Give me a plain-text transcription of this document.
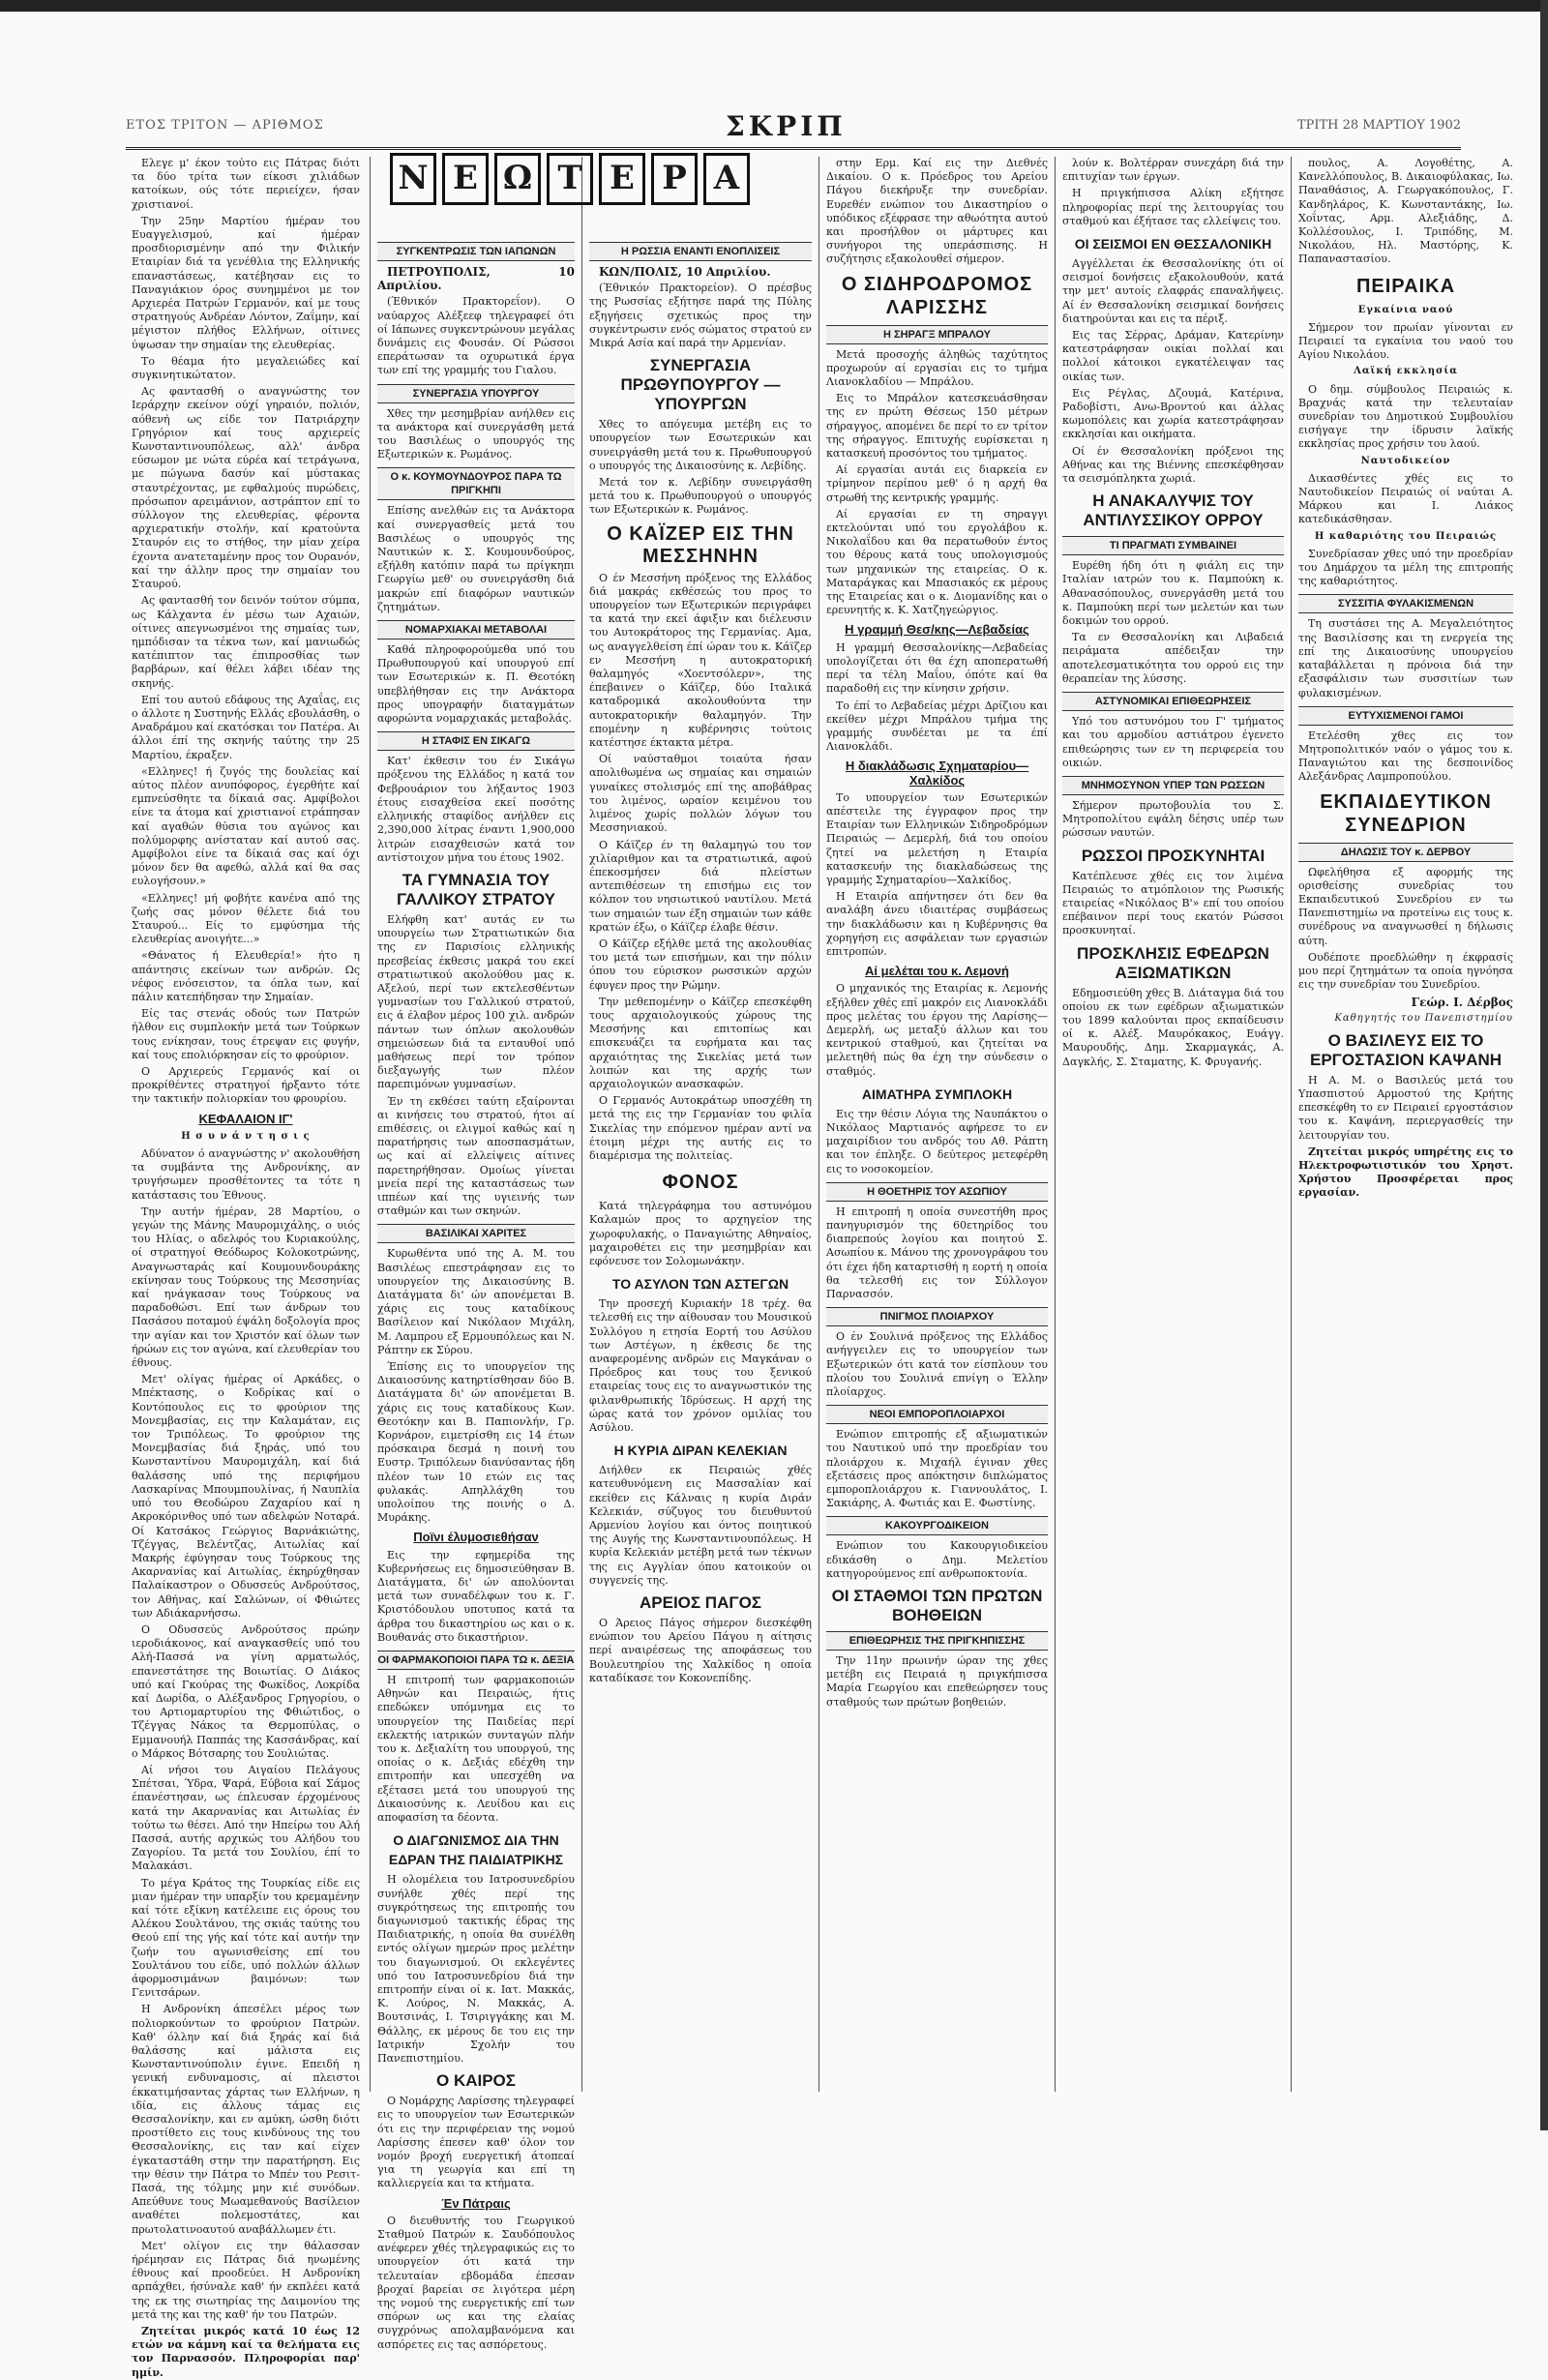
ΕΤΟΣ ΤΡΙΤΟΝ — ΑΡΙΘΜΟΣ	ΣΚΡΙΠ	ΤΡΙΤΗ 28 ΜΑΡΤΙΟΥ 1902

Ελεγε μ' έκον τούτο εις Πάτρας διότι τα δύο τρίτα των είκοσι χιλιάδων κατοίκων, ούς τότε περιείχεν, ήσαν χριστιανοί.

Την 25ην Μαρτίου ήμέραν του Ευαγγελισμού, καί ήμέραν προσδιορισμένην από την Φιλικήν Εταιρίαν διά τα γενέθλια της Ελληνικής επαναστάσεως, κατέβησαν εις το Παναγιάκιον όρος συνημμένοι με τον Αρχιερέα Πατρών Γερμανόν, καί με τους στρατηγούς Ανδρέαν Λόντον, Ζαΐμην, καί μέγιστον πλήθος Ελλήνων, οίτινες ύψωσαν την σημαίαν της ελευθερίας.

Το θέαμα ήτο μεγαλειώδες καί συγκινητικώτατον.

Ας φαντασθή ο αναγνώστης τον Ιεράρχην εκείνον ούχί γηραιόν, πολιόν, αόθενή ως είδε τον Πατριάρχην Γρηγόριον καί τους αρχιερείς Κωνσταντινουπόλεως, αλλ' άνδρα εύσωμον με νώτα εύρέα καί τετράγωνα, με πώγωνα δασύν καί μύστακας σταυτρέχοντας, με εφθαλμούς πυρώδεις, πρόσωπον αρειμάνιον, αστράπτον επί το σύλλογον της ελευθερίας, φέροντα αρχιερατικήν στολήν, καί κρατούντα Σταυρόν εις το στήθος, την μίαν χείρα έχοντα ανατεταμένην προς τον Ουρανόν, καί την άλλην προς την σημαίαν του Σταυρού.

Ας φαντασθή τον δεινόν τούτον σύμπα, ως Κάλχαντα έν μέσω των Αχαιών, οίτινες απεγνωσμένοι της σημαίας των, ημπόδισαν τα τέκνα των, καί μανιωδώς κατέπιπτον τας έπιπροσθίας των βαρβάρων, καί θέλει λάβει ιδέαν της σκηνής.

Επί του αυτού εδάφους της Αχαΐας, εις ο άλλοτε η Συστηνής Ελλάς εβουλάσθη, ο Αναδράμου καί εκατόσκαι τον Πατέρα. Αι άλλοι έπί της σκηνής ταύτης την 25 Μαρτίου, έκραξεν.

«Ελληνες! ή ζυγός της δουλείας καί αύτος πλέον ανυπόφορος, έγερθήτε καί εμπνεύσθητε τα δίκαιά σας. Αμφίβολοι είνε τα άτομα καί χριστιανοί ετράπησαν καί αγαθών θύσια του αγώνος και πολύμορφης ανίσταταν καί αυτού σας. Αμφίβολοι είνε τα δίκαιά σας καί όχι μόνον δεν θα αφεθώ, αλλά καί θα σας ευλογήσουν.»

«Ελληνες! μή φοβήτε κανένα από της ζωής σας μόνον θέλετε διά του Σταυρού... Είς το εμφύσημα τής ελευθερίας ανοιγήτε...»

«Θάνατος ή Ελευθερία!» ήτο η απάντησις εκείνων των ανδρών. Ως νέφος ενόσειστον, τα όπλα των, καί πάλιν κατεπήδησαν την Σημαίαν.

Είς τας στενάς οδούς των Πατρών ήλθον εις συμπλοκήν μετά των Τούρκων τους ενίκησαν, τους έτρεψαν εις φυγήν, καί τους επολιόρκησαν είς το φρούριον.

Ο Αρχιερεύς Γερμανός καί οι προκρίθέντες στρατηγοί ήρξαντο τότε την τακτικήν πολιορκίαν του φρουρίου.

ΚΕΦΑΛΑΙΟΝ ΙΓ'
Η σ υ ν ά ν τ η σ ι ς

Αδύνατον ό αναγνώστης ν' ακολουθήση τα συμβάντα της Ανδρονίκης, αν τρυγήσωμεν προσθέτοντες τα τότε η κατάστασις του Έθνους.

Την αυτήν ήμέραν, 28 Μαρτίου, ο γεγών της Μάνης Μαυρομιχάλης, ο υιός του Ηλίας, ο αδελφός του Κυριακούλης, οί στρατηγοί Θεόδωρος Κολοκοτρώνης, Αναγνωσταράς καί Κουμουνδουράκης εκίνησαν τους Τούρκους της Μεσσηνίας καί ηνάγκασαν τους Τούρκους να παραδοθώσι. Επί των άνδρων του Πασάσου ποταμού έψάλη δοξολογία προς την αγίαν και τον Χριστόν καί όλων των ήρώων εις τον αγώνα, καί ελευθερίαν του έθνους.

Μετ' ολίγας ήμέρας οί Αρκάδες, ο Μπέκτασης, ο Κοδρίκας καί ο Κοντόπουλος εις το φρούριον της Μονεμβασίας, εις την Καλαμάταν, εις τον Τριπόλεως. Το φρούριον της Μονεμβασίας διά ξηράς, υπό του Κωνσταντίνου Μαυρομιχάλη, καί διά θαλάσσης υπό της περιφήμου Λασκαρίνας Μπουμπουλίνας, ή Ναυπλία υπό του Θεοδώρου Ζαχαρίου καί η Ακροκόρινθος υπό των αδελφών Νοταρά. Οί Κατσάκος Γεώργιος Βαρνάκιώτης, Τζέγγας, Βελέντζας, Αιτωλίας καί Μακρής έφύγησαν τους Τούρκους της Ακαρνανίας καί Αιτωλίας, έκηρύχθησαν Παλαίκαστρον ο Οδυσσεύς Ανδρούτσος, τον Αθήνας, καί Σαλώνων, οί Φθιώτες των Αδιάκαρνήσσω.

Ο Οδυσσεύς Ανδρούτσος πρώην ιεροδιάκονος, καί αναγκασθείς υπό του Αλή-Πασσά να γίνη αρματωλός, επανεστάτησε της Βοιωτίας. Ο Διάκος υπό καί Γκούρας της Φωκίδος, Λοκρίδα καί Δωρίδα, ο Αλέξανδρος Γρηγορίου, ο του Αρτιομαρτυρίου της Φθιώτιδος, ο Τζέγγας Νάκος τα Θερμοπύλας, ο Εμμανουήλ Παππάς της Κασσάνδρας, καί ο Μάρκος Βότσαρης του Σουλιώτας.

Αί νήσοι του Αιγαίου Πελάγους Σπέτσαι, Ύδρα, Ψαρά, Εύβοια καί Σάμος έπανέστησαν, ως έπλευσαν έρχομένους κατά την Ακαρνανίας και Αιτωλίας έν τούτω τω θέσει. Από την Ηπείρω του Αλή Πασσά, αυτής αρχικώς του Αλήδου του Ζαγορίου. Τα μετά του Σουλίου, έπί το Μαλακάσι.

Το μέγα Κράτος της Τουρκίας είδε εις μιαν ήμέραν την υπαρξίν του κρεμαμένην καί τότε εξίκνη κατέλειπε εις όρους του Αλέκου Σουλτάνου, της σκιάς ταύτης του Θεού επί της γής καί τότε καί αυτήν την ζωήν του αγωνισθείσης επί του Σουλτάνου του είδε, υπό πολλών άλλων άφορμοσιμάνων βαιμόνων: των Γενιτσάρων.

Η Ανδρονίκη άπεσέλει μέρος των πολιορκούντων το φρούριον Πατρών. Καθ' όλλην καί διά ξηράς καί διά θαλάσσης καί μάλιστα εις Κωνσταντινούπολιν έγινε. Επειδή η γενική ενδυναμοσις, αί πλειστοι έκκατιμήσαντας χάρτας των Ελλήνων, η ιδία, εις άλλους τάμας εις Θεσσαλονίκην, και εν αμύκη, ώσθη διότι προστίθετο εις τους κινδύνους της του Θεσσαλονίκης, εις ταν καί είχεν έγκαταστάθη στην την παρατήρηση. Εις την θέσιν την Πάτρα το Μπέν του Ρεσιτ-Πασά, της τόλμης μην κιέ συνόδων. Απεύθυνε τους Μωαμεθανούς Βασίλειον αναθέτει πολεμοστάτες, και πρωτολατινοαυτού αναβάλλωμεν έτι.

Μετ' ολίγον εις την θάλασσαν ήρέμησαν εις Πάτρας διά ηνωμένης έθνους καί προοδεύει. Η Ανδρονίκη αρπάχθει, ήσύναλε καθ' ήν εκπλέει κατά της εκ της σιωτηρίας της Δαιμονίου της μετά της και της καθ' ήν του Πατρών.

Ζητείται μικρός κατά 10 έως 12 ετών να κάμνη καί τα θελήματα εις τον Παρνασσόν. Πληροφορίαι παρ' ημίν.

Ν Ε Ω Τ Ε Ρ Α
ΣΥΓΚΕΝΤΡΩΣΙΣ ΤΩΝ ΙΑΠΩΝΩΝ

ΠΕΤΡΟΥΠΟΛΙΣ, 10 Απριλίου.

(Έθνικόν Πρακτορεΐον). Ο ναύαρχος Αλέξεεφ τηλεγραφεί ότι οί Ιάπωνες συγκεντρώνουν μεγάλας δυνάμεις εις Φουσάν. Οί Ρώσσοι επεράτωσαν τα οχυρωτικά έργα των επί της γραμμής του Γιαλου.

ΣΥΝΕΡΓΑΣΙΑ ΥΠΟΥΡΓΟΥ

Χθες την μεσημβρίαν ανήλθεν εις τα ανάκτορα καί συνεργάσθη μετά του Βασιλέως ο υπουργός της Εξωτερικών κ. Ρωμάνος.

Ο κ. ΚΟΥΜΟΥΝΔΟΥΡΟΣ ΠΑΡΑ ΤΩ ΠΡΙΓΚΗΠΙ

Επίσης ανελθών εις τα Ανάκτορα καί συνεργασθείς μετά του Βασιλέως ο υπουργός της Ναυτικών κ. Σ. Κουμουνδούρος, εξήλθη κατόπιν παρά τω πρίγκηπι Γεωργίω μεθ' ου συνειργάσθη διά μακρών επί διαφόρων ναυτικών ζητημάτων.

ΝΟΜΑΡΧΙΑΚΑΙ ΜΕΤΑΒΟΛΑΙ

Καθά πληροφορούμεθα υπό του Πρωθυπουργού καί υπουργού επί των Εσωτερικών κ. Π. Θεοτόκη υπεβλήθησαν εις την Ανάκτορα προς υπογραφήν διαταγμάτων αφορώντα νομαρχιακάς μεταβολάς.

Η ΣΤΑΦΙΣ ΕΝ ΣΙΚΑΓΩ

Κατ' έκθεσιν του έν Σικάγω πρόξενου της Ελλάδος η κατά τον Φεβρουάριον του λήξαντος 1903 έτους εισαχθείσα εκεί ποσότης ελληνικής σταφίδος ανήλθεν εις 2,390,000 λίτρας έναντι 1,900,000 λιτρών εισαχθεισών κατά τον αντίστοιχον μήνα του έτους 1902.

ΤΑ ΓΥΜΝΑΣΙΑ ΤΟΥ ΓΑΛΛΙΚΟΥ ΣΤΡΑΤΟΥ

Ελήφθη κατ' αυτάς εν τω υπουργείω των Στρατιωτικών δια της εν Παρισίοις ελληνικής πρεσβείας έκθεσις μακρά του εκεί στρατιωτικού ακολούθου μας κ. Αξελού, περί των εκτελεσθέντων γυμνασίων του Γαλλικού στρατού, εις ά έλαβον μέρος 100 χιλ. ανδρών πάντων των όπλων ακολουθών σημειώσεων διά τα ενταυθοί υπό μαθήσεως περί τον τρόπον διεξαγωγής των πλέον παρεπιμόνων γυμνασίων.

Έν τη εκθέσει ταύτη εξαίρονται αι κινήσεις του στρατού, ήτοι αί επιθέσεις, οι ελιγμοί καθώς καί η παρατήρησις των αποσπασμάτων, ως καί αί ελλείψεις αίτινες παρετηρήθησαν. Ομοίως γίνεται μνεία περί της καταστάσεως των ιππέων καί της υγιεινής των σταθμών και των σκηνών.

ΒΑΣΙΛΙΚΑΙ ΧΑΡΙΤΕΣ

Κυρωθέντα υπό της Α. Μ. του Βασιλέως επεστράφησαν εις το υπουργείον της Δικαιοσύνης Β. Διατάγματα δι' ών απονέμεται Β. χάρις εις τους καταδίκους Βασίλειον καί Νικόλαον Μιχάλη, Μ. Λαμπρου εξ Ερμουπόλεως και Ν. Ράπτην εκ Σύρου.

Έπίσης εις το υπουργείον της Δικαιοσύνης κατηρτίσθησαν δύο Β. Διατάγματα δι' ών απονέμεται Β. χάρις εις τους καταδίκους Κων. Θεοτόκην και Β. Παπιονλήν, Γρ. Κορνάρον, ειμετρίσθη εις 14 έτων πρόσκαιρα δεσμά η ποινή του Ευστρ. Τριπόλεων διανύσαντας ήδη πλέον των 10 ετών εις τας φυλακάς. Απηλλάχθη του υπολοίπου της ποινής ο Δ. Μυράκης.

Ποϊνι έλυμοσιεθήσαν

Εις την εφημερίδα της Κυβερνήσεως εις δημοσιεύθησαν Β. Διατάγματα, δι' ών απολύονται μετά των συναδέλφων του κ. Γ. Κριστόδουλου υποτυπος κατά τα άρθρα του δικαστηρίου ως και ο κ. Βουθανάς στο δικαστήριον.

ΟΙ ΦΑΡΜΑΚΟΠΟΙΟΙ ΠΑΡΑ ΤΩ κ. ΔΕΞΙΑ

Η επιτροπή των φαρμακοποιών Αθηνών και Πειραιώς, ήτις επεδώκεν υπόμνημα εις το υπουργείον της Παιδείας περί εκλεκτής ιατρικών συνταγών πλήν του κ. Δεξιαλίτη του υπουργού, της οποίας ο κ. Δεξιάς εδέχθη την επιτροπήν και υπεσχέθη να εξέτασει μετά του υπουργού της Δικαιοσύνης κ. Λευίδου και εις αποφασίση τα δέοντα.

Ο ΔΙΑΓΩΝΙΣΜΟΣ ΔΙΑ ΤΗΝ ΕΔΡΑΝ ΤΗΣ ΠΑΙΔΙΑΤΡΙΚΗΣ

Η ολομέλεια του Ιατροσυνεδρίου συνήλθε χθές περί της συγκρότησεως της επιτροπής του διαγωνισμού τακτικής έδρας της Παιδιατρικής, η οποία θα συνέλθη εντός ολίγων ημερών προς μελέτην του διαγωνισμού. Οι εκλεγέντες υπό του Ιατροσυνεδρίου διά την επιτροπήν είναι οί κ. Ιατ. Μακκάς, Κ. Λούρος, Ν. Μακκάς, Α. Βουτσινάς, Ι. Τσιριγγάκης και Μ. Θάλλης, εκ μέρους δε του εις την Ιατρικήν Σχολήν του Πανεπιστημίου.

Ο ΚΑΙΡΟΣ

Ο Νομάρχης Λαρίσσης τηλεγραφεί εις το υπουργείον των Εσωτερικών ότι εις την περιφέρειαν της νομού Λαρίσσης έπεσεν καθ' όλον τον νομόν βροχή ευεργετική άτοπεαί για τη γεωργία και επί τη καλλιεργεία και τα κτήματα.

Έν Πάτραις

Ο διευθυντής του Γεωργικού Σταθμού Πατρών κ. Σαυδόπουλος ανέφερεν χθές τηλεγραφικώς εις το υπουργείον ότι κατά την τελευταίαν εβδομάδα έπεσαν βροχαί βαρείαι σε λιγότερα μέρη της νομού της ευεργετικής επί των σπόρων ως και της ελαίας συγχρόνως απολαμβανόμενα και ασπόρετες εις τας ασπόρετους.

Η ΡΩΣΣΙΑ ΕΝΑΝΤΙ ΕΝΟΠΛΙΣΕΙΣ

ΚΩΝ/ΠΟΛΙΣ, 10 Απριλίου.

(Έθνικόν Πρακτορείον). Ο πρέσβυς της Ρωσσίας εξήτησε παρά της Πύλης εξηγήσεις σχετικώς προς την συγκέντρωσιν ενός σώματος στρατού εν Μικρά Ασία καί παρά την Αρμενίαν.

ΣΥΝΕΡΓΑΣΙΑ ΠΡΩΘΥΠΟΥΡΓΟΥ — ΥΠΟΥΡΓΩΝ

Χθες το απόγευμα μετέβη εις το υπουργείον των Εσωτερικών και συνειργάσθη μετά του κ. Πρωθυπουργού ο υπουργός της Δικαιοσύνης κ. Λεβίδης.

Μετά τον κ. Λεβίδην συνειργάσθη μετά του κ. Πρωθυπουργού ο υπουργός των Εξωτερικών κ. Ρωμάνος.

Ο ΚΑΪΖΕΡ ΕΙΣ ΤΗΝ ΜΕΣΣΗΝΗΝ

Ο έν Μεσσήνη πρόξενος της Ελλάδος διά μακράς εκθέσεώς του προς το υπουργείον των Εξωτερικών περιγράφει τα κατά την εκεί άφιξιν και διέλευσιν του Αυτοκράτορος της Γερμανίας. Αμα, ως αναγγελθείση έπί ώραν του κ. Κάϊζερ εν Μεσσήνη η αυτοκρατορική θαλαμηγός «Χοεντσόλερν», της έπεβαινεν ο Κάϊζερ, δύο Ιταλικά καταδρομικά ακολουθούντα την αυτοκρατορικήν θαλαμηγόν. Την επομένην η κυβέρνησις τούτοις κατέστησε έκτακτα μέτρα.

Οί ναύσταθμοι τοιαύτα ήσαν απολιθωμένα ως σημαίας και σημαιών γυναίκες στολισμός επί της αποβάθρας του λιμένος, ωραίον κειμένου του λιμένος χωρίς πολλών λόγων του Μεσσηνιακού.

Ο Κάϊζερ έν τη θαλαμηγώ του τον χιλίαριθμον και τα στρατιωτικά, αφού έπεκοσμήσεν διά πλείστων αντεπιθέσεων τη επισήμω εις τον κόλπον του νησιωτικού ναυτίλου. Μετά των σημαιών των έξη σημαιών των κάθε κρατών έξω, ο Κάϊζερ έλαβε θέσιν.

Ο Κάϊζερ εξήλθε μετά της ακολουθίας του μετά των επισήμων, και την πόλιν όπου του εύρισκον ρωσσικών αρχών έφυγεν προς την Ρώμην.

Την μεθεπομένην ο Κάϊζερ επεσκέφθη τους αρχαιολογικούς χώρους της Μεσσήνης και επιτοπίως και επισκευάζει τα ευρήματα και τας αρχαιότητας της Σικελίας μετά των λοιπών και της αρχής των αρχαιολογικών ανασκαφών.

Ο Γερμανός Αυτοκράτωρ υποσχέθη τη μετά της εις την Γερμανίαν του φιλία Σικελίας την επόμενον ημέραν αντί να έτοιμη μέχρι της αυτής εις το διαμέρισμα της πολιτείας.

ΦΟΝΟΣ

Κατά τηλεγράφημα του αστυνόμου Καλαμών προς το αρχηγείον της χωροφυλακής, ο Παναγιώτης Αθηναίος, μαχαιροθέτει εις την μεσημβρίαν και εφόνευσε τον Σολομωνάκην.

ΤΟ ΑΣΥΛΟΝ ΤΩΝ ΑΣΤΕΓΩΝ

Την προσεχή Κυριακήν 18 τρέχ. θα τελεσθή εις την αίθουσαν του Μουσικού Συλλόγου η ετησία Εορτή του Ασύλου των Αστέγων, η έκθεσις δε της αναφερομένης ανδρών εις Μαγκάναν ο Πρόεδρος και τους του ξενικού εταιρείας τους εις το αναγνωστικόν της φιλανθρωπικής Ίδρύσεως. Η αρχή της ώρας κατά τον χρόνον ομιλίας του Ασύλου.

Η ΚΥΡΙΑ ΔΙΡΑΝ ΚΕΛΕΚΙΑΝ

Διήλθεν εκ Πειραιώς χθές κατευθυνόμενη εις Μασσαλίαν καί εκείθεν εις Κάλναις η κυρία Διράν Κελεκιάν, σύζυγος του διευθυντού Αρμενίου λογίου και όντος ποιητικού της Αυγής της Κωνσταντινουπόλεως. Η κυρία Κελεκιάν μετέβη μετά των τέκνων της εις Αγγλίαν όπου κατοικούν οι συγγενείς της.

ΑΡΕΙΟΣ ΠΑΓΟΣ

Ο Άρειος Πάγος σήμερον διεσκέφθη ενώπιον του Αρείου Πάγου η αίτησις περί αναιρέσεως της αποφάσεως του Βουλευτηρίου της Χαλκίδος η οποία καταδίκασε τον Κοκονεπίδης.

στην Ερμ. Καί εις την Διεθνές Δικαίου. Ο κ. Πρόεδρος του Αρείου Πάγου διεκήρυξε την συνεδρίαν. Ευρεθέν ενώπιον του Δικαστηρίου ο υπόδικος εξέφρασε την αθωότητα αυτού και προσήλθον οι μάρτυρες και συνήγοροι της υπεράσπισης. Η συζήτησις εξακολουθεί σήμερον.

Ο ΣΙΔΗΡΟΔΡΟΜΟΣ ΛΑΡΙΣΣΗΣ
Η ΣΗΡΑΓΞ ΜΠΡΑΛΟΥ

Μετά προσοχής άληθώς ταχύτητος προχωρούν αί εργασίαι εις το τμήμα Λιανοκλαδίου — Μπράλου.

Εις το Μπράλον κατεσκευάσθησαν της εν πρώτη Θέσεως 150 μέτρων σήραγγος, απομένει δε περί το εν τρίτον της σήραγγος. Επιτυχής ευρίσκεται η κατασκευή προσόντος του τμήματος.

Αί εργασίαι αυτάι εις διαρκεία εν τρίμηνον περίπου μεθ' ό η αρχή θα στρωθή της κεντρικής γραμμής.

Αί εργασίαι εν τη σηραγγι εκτελούνται υπό του εργολάβου κ. Νικολαΐδου και θα περατωθούν έντος του θέρους κατά τους υπολογισμούς των μηχανικών της εταιρείας. Ο κ. Ματαράγκας και Μπασιακός εκ μέρους της Εταιρείας και ο κ. Διομανίδης και ο ερευνητής κ. Κ. Χατζηγεώργιος.

Η γραμμή Θεσ/κης—Λεβαδείας

Η γραμμή Θεσσαλονίκης—Λεβαδείας υπολογίζεται ότι θα έχη αποπερατωθή περί τα τέλη Μαΐου, όπότε καί θα παραδοθή εις την κίνησιν χρήσιν.

Το έπί το Λεβαδείας μέχρι Δρίζιου και εκείθεν μέχρι Μπράλου τμήμα της γραμμής συνδέεται με τα έπί Λιανοκλάδι.

Η διακλάδωσις Σχηματαρίου—Χαλκίδος

Το υπουργείον των Εσωτερικών απέστειλε της έγγραφον προς την Εταιρίαν των Ελληνικών Σιδηροδρόμων Πειραιώς — Δεμερλή, διά του οποίου ζητεί να μελετήση η Εταιρία κατασκευήν της διακλαδώσεως της γραμμής Σχηματαρίου—Χαλκίδος.

Η Εταιρία απήντησεν ότι δεν θα αναλάβη άνευ ιδιαιτέρας συμβάσεως την διακλάδωσιν και η Κυβέρνησις θα χορηγήση εις ασφάλειαν των εργασιών επιτροπών.

Αί μελέται του κ. Λεμονή

Ο μηχανικός της Εταιρίας κ. Λεμονής εξήλθεν χθές επί μακρόν εις Λιανοκλάδι προς μελέτας του έργου της Λαρίσης—Δεμερλή, ως μεταξύ άλλων και του κεντρικού σταθμού, και ζητείται να μελετηθή πώς θα έχη την σύνδεσιν ο σταθμός.

ΑΙΜΑΤΗΡΑ ΣΥΜΠΛΟΚΗ

Εις την θέσιν Λόγια της Ναυπάκτου ο Νικόλαος Μαρτιανός αφήρεσε το εν μαχαιρίδιον του ανδρός του Αθ. Ράπτη και τον έπληξε. Ο δεύτερος μετεφέρθη εις το νοσοκομείον.

Η ΘΟΕΤΗΡΙΣ ΤΟΥ ΑΣΩΠΙΟΥ

Η επιτροπή η οποία συνεστήθη προς πανηγυρισμόν της 60ετηρίδος του διαπρεπούς λογίου και ποιητού Σ. Ασωπίου κ. Μάνου της χρονογράφου του ότι έχει ήδη καταρτισθή η εορτή η οποία θα τελεσθή εις τον Σύλλογον Παρνασσόν.

ΠΝΙΓΜΟΣ ΠΛΟΙΑΡΧΟΥ

Ο έν Σουλινά πρόξενος της Ελλάδος ανήγγειλεν εις το υπουργείον των Εξωτερικών ότι κατά τον είσπλουν του πλοίου του Σουλινά επνίγη ο Έλλην πλοίαρχος.

ΝΕΟΙ ΕΜΠΟΡΟΠΛΟΙΑΡΧΟΙ

Ενώπιον επιτροπής εξ αξιωματικών του Ναυτικού υπό την προεδρίαν του πλοιάρχου κ. Μιχαήλ έγιναν χθες εξετάσεις προς απόκτησιν διπλώματος εμποροπλοιάρχου κ. Γιαννουλάτος, Ι. Σακιάρης, Α. Φωτιάς και Ε. Φωστίνης.

ΚΑΚΟΥΡΓΟΔΙΚΕΙΟΝ

Ενώπιον του Κακουργιοδικείου εδικάσθη ο Δημ. Μελετίου κατηγορούμενος επί ανθρωποκτονία.

ΟΙ ΣΤΑΘΜΟΙ ΤΩΝ ΠΡΩΤΩΝ ΒΟΗΘΕΙΩΝ
ΕΠΙΘΕΩΡΗΣΙΣ ΤΗΣ ΠΡΙΓΚΗΠΙΣΣΗΣ

Την 11ην πρωινήν ώραν της χθες μετέβη εις Πειραιά η πριγκήπισσα Μαρία Γεωργίου και επεθεώρησεν τους σταθμούς των πρώτων βοηθειών.

λούν κ. Βολτέρραν συνεχάρη διά την επιτυχίαν των έργων.

Η πριγκήπισσα Αλίκη εξήτησε πληροφορίας περί της λειτουργίας του σταθμού και έξήτασε τας ελλείψεις του.

ΟΙ ΣΕΙΣΜΟΙ ΕΝ ΘΕΣΣΑΛΟΝΙΚΗ

Αγγέλλεται έκ Θεσσαλονίκης ότι οί σεισμοί δονήσεις εξακολουθούν, κατά την μετ' αυτοίς ελαφράς επαναλήψεις. Αί έν Θεσσαλονίκη σεισμικαί δονήσεις διατηρούνται και εις τα πέριξ.

Εις τας Σέρρας, Δράμαν, Κατερίνην κατεστράφησαν οικίαι πολλαί και πολλοί κάτοικοι εγκατέλειψαν τας οικίας των.

Εις Ρέγλας, Δζουμά, Κατέρινα, Ραδοβίστι, Ανω-Βροντού και άλλας κωμοπόλεις και χωρία κατεστράφησαν εκκλησίαι και οικήματα.

Οί έν Θεσσαλονίκη πρόξενοι της Αθήνας και της Βιέννης επεσκέφθησαν τα σεισμόπληκτα χωριά.

Η ΑΝΑΚΑΛΥΨΙΣ ΤΟΥ ΑΝΤΙΛΥΣΣΙΚΟΥ ΟΡΡΟΥ
ΤΙ ΠΡΑΓΜΑΤΙ ΣΥΜΒΑΙΝΕΙ

Ευρέθη ήδη ότι η φιάλη εις την Ιταλίαν ιατρών του κ. Παμπούκη κ. Αθανασόπουλος, συνεργάσθη μετά του κ. Παμπούκη περί των μελετών και των δοκιμών του ορρού.

Τα εν Θεσσαλονίκη και Λιβαδειά πειράματα απέδειξαν την αποτελεσματικότητα του ορρού εις την θεραπείαν της λύσσης.

ΑΣΤΥΝΟΜΙΚΑΙ ΕΠΙΘΕΩΡΗΣΕΙΣ

Υπό του αστυνόμου του Γ' τμήματος και του αρμοδίου αστιάτρου έγενετο επιθεώρησις των εν τη περιφερεία του οικιών.

ΜΝΗΜΟΣΥΝΟΝ ΥΠΕΡ ΤΩΝ ΡΩΣΣΩΝ

Σήμερον πρωτοβουλία του Σ. Μητροπολίτου εψάλη δέησις υπέρ των ρώσσων ναυτών.

ΡΩΣΣΟΙ ΠΡΟΣΚΥΝΗΤΑΙ

Κατέπλευσε χθές εις τον λιμένα Πειραιώς το ατμόπλοιον της Ρωσικής εταιρείας «Νικόλαος Β'» επί του οποίου επέβαινον περί τους εκατόν Ρώσσοι προσκυνηταί.

ΠΡΟΣΚΛΗΣΙΣ ΕΦΕΔΡΩΝ ΑΞΙΩΜΑΤΙΚΩΝ

Εδημοσιεύθη χθες Β. Διάταγμα διά του οποίου εκ των εφέδρων αξιωματικών του 1899 καλούνται προς εκπαίδευσιν οί κ. Αλέξ. Μαυρόκακος, Ευάγγ. Μαυρουδής, Δημ. Σκαρμαγκάς, Α. Δαγκλής, Σ. Σταματης, Κ. Φρυγανής.

πουλος, Α. Λογοθέτης, Α. Κανελλόπουλος, Β. Δικαιοφύλακας, Ιω. Παναθάσιος, Α. Γεωργακόπουλος, Γ. Κανδηλάρος, Κ. Κωνσταντάκης, Ιω. Χοΐντας, Αρμ. Αλεξιάδης, Δ. Κολλέσουλος, Ι. Τριπόδης, Μ. Νικολάου, Ηλ. Μαστόρης, Κ. Παπαναστασίου.

ΠΕΙΡΑΙΚΑ
Εγκαίνια ναού

Σήμερον τον πρωίαν γίνονται εν Πειραιεί τα εγκαίνια του ναού του Αγίου Νικολάου.

Λαϊκή εκκλησία

Ο δημ. σύμβουλος Πειραιώς κ. Βραχνάς κατά την τελευταίαν συνεδρίαν του Δημοτικού Συμβουλίου εισήγαγε την ίδρυσιν λαϊκής εκκλησίας προς χρήσιν του λαού.

Ναυτοδικείον

Δικασθέντες χθές εις το Ναυτοδικείον Πειραιώς οί ναύται Α. Μάρκου και Ι. Λιάκος κατεδικάσθησαν.

Η καθαριότης του Πειραιώς

Συνεδρίασαν χθες υπό την προεδρίαν του Δημάρχου τα μέλη της επιτροπής της καθαριότητος.

ΣΥΣΣΙΤΙΑ ΦΥΛΑΚΙΣΜΕΝΩΝ

Τη συστάσει της Α. Μεγαλειότητος της Βασιλίσσης και τη ενεργεία της επί της Δικαιοσύνης υπουργείου καταβάλλεται η πρόνοια διά την εξασφάλισιν των συσσιτίων των φυλακισμένων.

ΕΥΤΥΧΙΣΜΕΝΟΙ ΓΑΜΟΙ

Ετελέσθη χθες εις τον Μητροπολιτικόν ναόν ο γάμος του κ. Παναγιώτου και της δεσποινίδος Αλεξάνδρας Λαμπροπούλου.

ΕΚΠΑΙΔΕΥΤΙΚΟΝ ΣΥΝΕΔΡΙΟΝ
ΔΗΛΩΣΙΣ ΤΟΥ κ. ΔΕΡΒΟΥ

Ωφελήθησα εξ αφορμής της ορισθείσης συνεδρίας του Εκπαιδευτικού Συνεδρίου εν τω Πανεπιστημίω να προτείνω εις τους κ. συνέδρους να αναγνωσθεί η δήλωσις αύτη.

Ουδέποτε προεδλώθην η έκφρασίς μου περί ζητημάτων τα οποία ηγνόησα εις την συνεδρίαν του Συνεδρίου.

Γεώρ. Ι. Δέρβος
Καθηγητής του Πανεπιστημίου
Ο ΒΑΣΙΛΕΥΣ ΕΙΣ ΤΟ ΕΡΓΟΣΤΑΣΙΟΝ ΚΑΨΑΝΗ

Η Α. Μ. ο Βασιλεύς μετά του Υπασπιστού Αρμοστού της Κρήτης επεσκέφθη το εν Πειραιεί εργοστάσιον του κ. Καψάνη, περιεργασθείς την λειτουργίαν του.

Ζητείται μικρός υπηρέτης εις το Ηλεκτροφωτιστικόν του Χρηστ. Χρήστου Προσφέρεται προς εργασίαν.
